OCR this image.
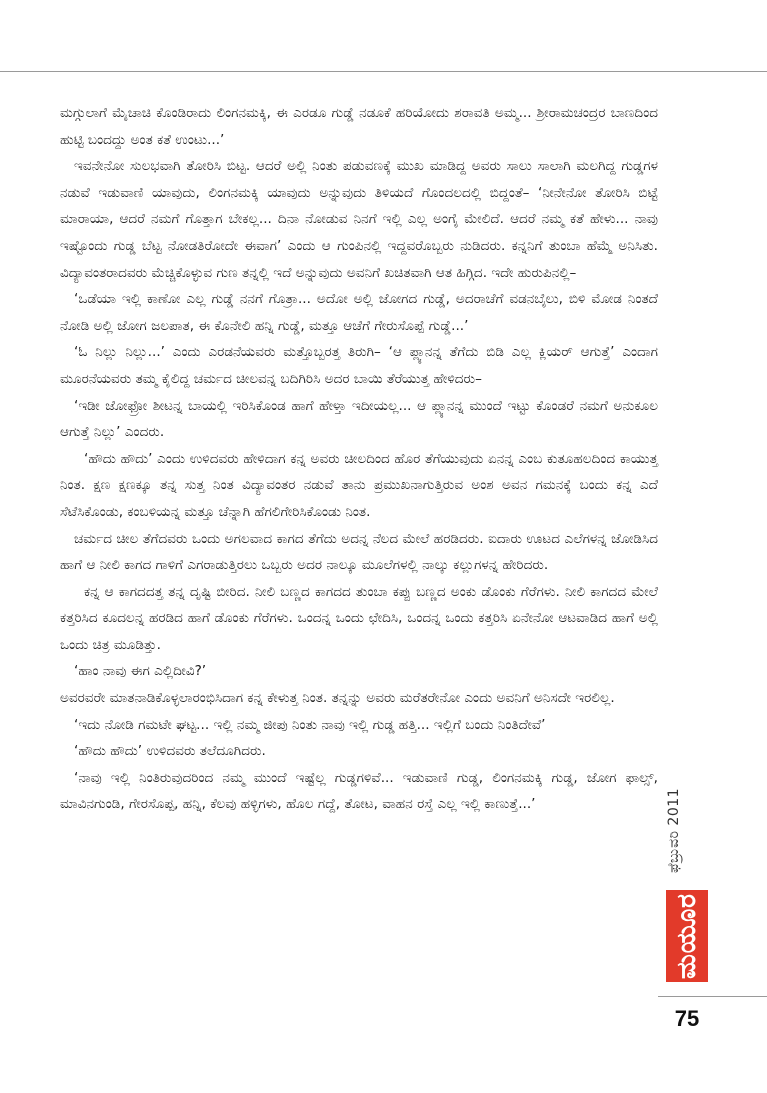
ಮಗ್ಗುಲಾಗೆ ಮೈಚಾಚಿ ಕೊಂಡಿರಾದು ಲಿಂಗನಮಕ್ಕಿ, ಈ ಎರಡೂ ಗುಡ್ಡೆ ನಡೂಕೆ ಹರಿಯೋದು ಶರಾವತಿ ಅಮ್ಮ... ಶ್ರೀರಾಮಚಂದ್ರರ ಬಾಣದಿಂದ ಹುಟ್ಟಿ ಬಂದದ್ದು ಅಂತ ಕತೆ ಉಂಟು...’

ಇವನೇನೋ ಸುಲಭವಾಗಿ ತೋರಿಸಿ ಬಿಟ್ಟ. ಆದರೆ ಅಲ್ಲಿ ನಿಂತು ಪಡುವಣಕ್ಕೆ ಮುಖ ಮಾಡಿದ್ದ ಅವರು ಸಾಲು ಸಾಲಾಗಿ ಮಲಗಿದ್ದ ಗುಡ್ಡಗಳ ನಡುವೆ ಇಡುವಾಣಿ ಯಾವುದು, ಲಿಂಗನಮಕ್ಕಿ ಯಾವುದು ಅನ್ನುವುದು ತಿಳಿಯದೆ ಗೊಂದಲದಲ್ಲಿ ಬಿದ್ದಂತೆ– ‘ನೀನೇನೋ ತೋರಿಸಿ ಬಿಟ್ಟೆ ಮಾರಾಯಾ, ಆದರೆ ನಮಗೆ ಗೊತ್ತಾಗ ಬೇಕಲ್ಲ... ದಿನಾ ನೋಡುವ ನಿನಗೆ ಇಲ್ಲಿ ಎಲ್ಲ ಅಂಗೈ ಮೇಲಿದೆ. ಆದರೆ ನಮ್ಮ ಕತೆ ಹೇಳು... ನಾವು ಇಷ್ಟೊಂದು ಗುಡ್ಡ ಬೆಟ್ಟ ನೋಡತಿರೋದೇ ಈವಾಗ’ ಎಂದು ಆ ಗುಂಪಿನಲ್ಲಿ ಇದ್ದವರೊಬ್ಬರು ನುಡಿದರು. ಕನ್ನನಿಗೆ ತುಂಬಾ ಹೆಮ್ಮೆ ಅನಿಸಿತು. ವಿದ್ಯಾವಂತರಾದವರು ಮೆಚ್ಚಿಕೊಳ್ಳುವ ಗುಣ ತನ್ನಲ್ಲಿ ಇದೆ ಅನ್ನುವುದು ಅವನಿಗೆ ಖಚಿತವಾಗಿ ಆತ ಹಿಗ್ಗಿದ. ಇದೇ ಹುರುಪಿನಲ್ಲಿ–

‘ಒಡೆಯಾ ಇಲ್ಲಿ ಕಾಣೋ ಎಲ್ಲ ಗುಡ್ಡೆ ನನಗೆ ಗೊತ್ರಾ... ಅದೋ ಅಲ್ಲಿ ಜೋಗದ ಗುಡ್ಡೆ, ಅದರಾಚೆಗೆ ವಡನಬೈಲು, ಬಿಳಿ ಮೋಡ ನಿಂತದೆ ನೋಡಿ ಅಲ್ಲಿ ಜೋಗ ಜಲಪಾತ, ಈ ಕೊನೇಲಿ ಹನ್ನಿ ಗುಡ್ಡೆ, ಮತ್ತೂ ಆಚೆಗೆ ಗೇರುಸೊಪ್ಪೆ ಗುಡ್ಡೆ...’

‘ಓ ನಿಲ್ಲು ನಿಲ್ಲು...’ ಎಂದು ಎರಡನೆಯವರು ಮತ್ತೊಬ್ಬರತ್ತ ತಿರುಗಿ– ‘ಆ ಪ್ಲ್ಯಾನನ್ನ ತೆಗೆದು ಬಿಡಿ ಎಲ್ಲ ಕ್ಲಿಯರ್ ಆಗುತ್ತೆ’ ಎಂದಾಗ ಮೂರನೆಯವರು ತಮ್ಮ ಕೈಲಿದ್ದ ಚರ್ಮದ ಚೀಲವನ್ನ ಬದಿಗಿರಿಸಿ ಅದರ ಬಾಯಿ ತೆರೆಯುತ್ತ ಹೇಳಿದರು–

‘ಇಡೀ ಜೋಫ್ರೋ ಶೀಟನ್ನ ಬಾಯಲ್ಲಿ ಇರಿಸಿಕೊಂಡ ಹಾಗೆ ಹೇಳ್ತಾ ಇದೀಯಲ್ಲ... ಆ ಪ್ಲ್ಯಾನನ್ನ ಮುಂದೆ ಇಟ್ಟು ಕೊಂಡರೆ ನಮಗೆ ಅನುಕೂಲ ಆಗುತ್ತೆ ನಿಲ್ಲು’ ಎಂದರು.

‘ಹೌದು ಹೌದು’ ಎಂದು ಉಳಿದವರು ಹೇಳಿದಾಗ ಕನ್ನ ಅವರು ಚೀಲದಿಂದ ಹೊರ ತೆಗೆಯುವುದು ಏನನ್ನ ಎಂಬ ಕುತೂಹಲದಿಂದ ಕಾಯುತ್ತ ನಿಂತ. ಕ್ಷಣ ಕ್ಷಣಕ್ಕೂ ತನ್ನ ಸುತ್ತ ನಿಂತ ವಿದ್ಯಾವಂತರ ನಡುವೆ ತಾನು ಪ್ರಮುಖನಾಗುತ್ತಿರುವ ಅಂಶ ಅವನ ಗಮನಕ್ಕೆ ಬಂದು ಕನ್ನ ಎದೆ ಸೆಟೆಸಿಕೊಂಡು, ಕಂಬಳಿಯನ್ನ ಮತ್ತೂ ಚೆನ್ನಾಗಿ ಹೆಗಲಿಗೇರಿಸಿಕೊಂಡು ನಿಂತ.

ಚರ್ಮದ ಚೀಲ ತೆಗೆದವರು ಒಂದು ಅಗಲವಾದ ಕಾಗದ ತೆಗೆದು ಅದನ್ನ ನೆಲದ ಮೇಲೆ ಹರಡಿದರು. ಐದಾರು ಊಟದ ಎಲೆಗಳನ್ನ ಜೋಡಿಸಿದ ಹಾಗೆ ಆ ನೀಲಿ ಕಾಗದ ಗಾಳಿಗೆ ಎಗರಾಡುತ್ತಿರಲು ಒಬ್ಬರು ಅದರ ನಾಲ್ಕೂ ಮೂಲೆಗಳಲ್ಲಿ ನಾಲ್ಕು ಕಲ್ಲುಗಳನ್ನ ಹೇರಿದರು.

ಕನ್ನ ಆ ಕಾಗದದತ್ತ ತನ್ನ ದೃಷ್ಟಿ ಬೀರಿದ. ನೀಲಿ ಬಣ್ಣದ ಕಾಗದದ ತುಂಬಾ ಕಪ್ಪು ಬಣ್ಣದ ಅಂಕು ಡೊಂಕು ಗೆರೆಗಳು. ನೀಲಿ ಕಾಗದದ ಮೇಲೆ ಕತ್ತರಿಸಿದ ಕೂದಲನ್ನ ಹರಡಿದ ಹಾಗೆ ಡೊಂಕು ಗೆರೆಗಳು. ಒಂದನ್ನ ಒಂದು ಛೇದಿಸಿ, ಒಂದನ್ನ ಒಂದು ಕತ್ತರಿಸಿ ಏನೇನೋ ಆಟವಾಡಿದ ಹಾಗೆ ಅಲ್ಲಿ ಒಂದು ಚಿತ್ರ ಮೂಡಿತ್ತು.

‘ಹಾಂ ನಾವು ಈಗ ಎಲ್ಲಿದೀವಿ?’

ಅವರವರೇ ಮಾತನಾಡಿಕೊಳ್ಳಲಾರಂಭಿಸಿದಾಗ ಕನ್ನ ಕೇಳುತ್ತ ನಿಂತ. ತನ್ನನ್ನು ಅವರು ಮರೆತರೇನೋ ಎಂದು ಅವನಿಗೆ ಅನಿಸದೇ ಇರಲಿಲ್ಲ.

‘ಇದು ನೋಡಿ ಗಮಟೇ ಘಟ್ಟ... ಇಲ್ಲಿ ನಮ್ಮ ಜೀಪು ನಿಂತು ನಾವು ಇಲ್ಲಿ ಗುಡ್ಡ ಹತ್ತಿ... ಇಲ್ಲಿಗೆ ಬಂದು ನಿಂತಿದೇವೆ’

‘ಹೌದು ಹೌದು’ ಉಳಿದವರು ತಲೆದೂಗಿದರು.

‘ನಾವು ಇಲ್ಲಿ ನಿಂತಿರುವುದರಿಂದ ನಮ್ಮ ಮುಂದೆ ಇಷ್ಟೆಲ್ಲ ಗುಡ್ಡಗಳಿವೆ... ಇಡುವಾಣಿ ಗುಡ್ಡ, ಲಿಂಗನಮಕ್ಕಿ ಗುಡ್ಡ, ಜೋಗ ಫಾಲ್ಸ್, ಮಾವಿನಗುಂಡಿ, ಗೇರಸೊಪ್ಪ, ಹನ್ನಿ, ಕೆಲವು ಹಳ್ಳಿಗಳು, ಹೊಲ ಗದ್ದೆ, ತೋಟ, ವಾಹನ ರಸ್ತೆ ಎಲ್ಲ ಇಲ್ಲಿ ಕಾಣುತ್ತೆ...’	ಫೆಬ್ರುವರಿ 2011
ಮಯೂರ
75
